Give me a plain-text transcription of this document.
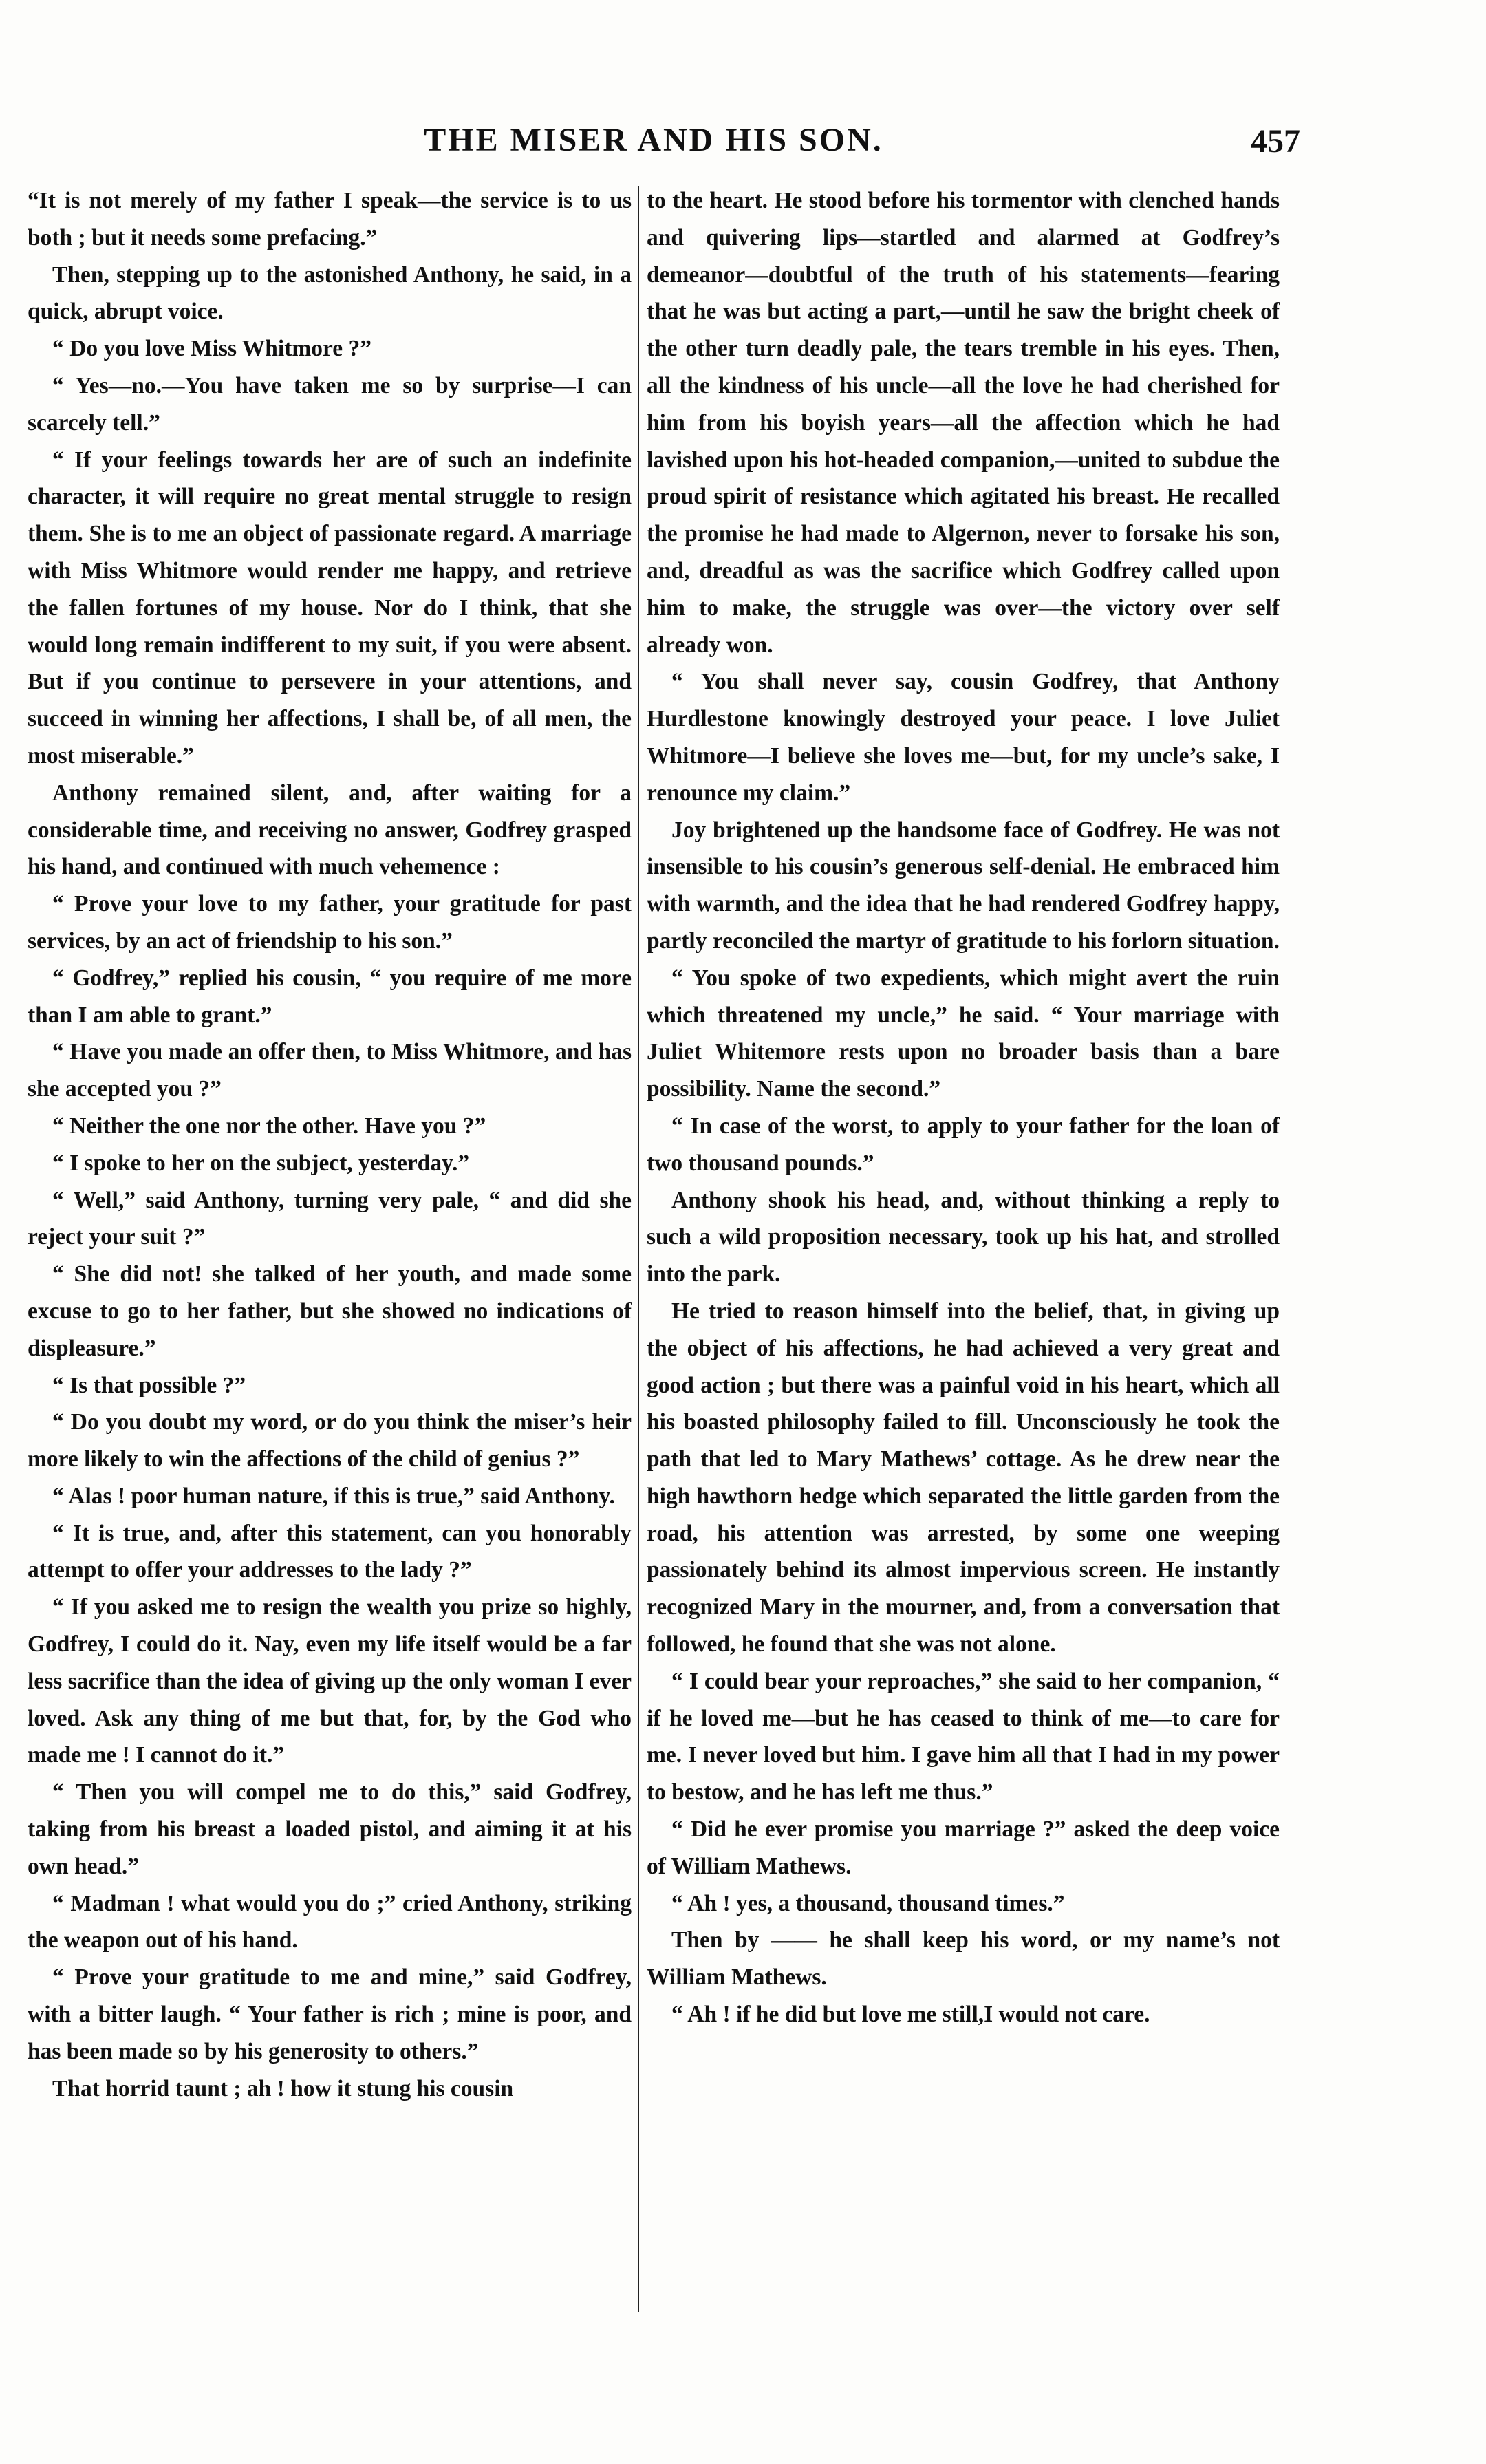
THE MISER AND HIS SON.	457

“It is not merely of my father I speak—the service is to us both ; but it needs some prefacing.”

Then, stepping up to the astonished Anthony, he said, in a quick, abrupt voice.

“ Do you love Miss Whitmore ?”

“ Yes—no.—You have taken me so by surprise—I can scarcely tell.”

“ If your feelings towards her are of such an indefinite character, it will require no great mental struggle to resign them. She is to me an object of passionate regard. A marriage with Miss Whitmore would render me happy, and retrieve the fallen fortunes of my house. Nor do I think, that she would long remain indifferent to my suit, if you were absent. But if you continue to persevere in your attentions, and succeed in winning her affections, I shall be, of all men, the most miserable.”

Anthony remained silent, and, after waiting for a considerable time, and receiving no answer, Godfrey grasped his hand, and continued with much vehemence :

“ Prove your love to my father, your gratitude for past services, by an act of friendship to his son.”

“ Godfrey,” replied his cousin, “ you require of me more than I am able to grant.”

“ Have you made an offer then, to Miss Whitmore, and has she accepted you ?”

“ Neither the one nor the other. Have you ?”

“ I spoke to her on the subject, yesterday.”

“ Well,” said Anthony, turning very pale, “ and did she reject your suit ?”

“ She did not! she talked of her youth, and made some excuse to go to her father, but she showed no indications of displeasure.”

“ Is that possible ?”

“ Do you doubt my word, or do you think the miser’s heir more likely to win the affections of the child of genius ?”

“ Alas ! poor human nature, if this is true,” said Anthony.

“ It is true, and, after this statement, can you honorably attempt to offer your addresses to the lady ?”

“ If you asked me to resign the wealth you prize so highly, Godfrey, I could do it. Nay, even my life itself would be a far less sacrifice than the idea of giving up the only woman I ever loved. Ask any thing of me but that, for, by the God who made me ! I cannot do it.”

“ Then you will compel me to do this,” said Godfrey, taking from his breast a loaded pistol, and aiming it at his own head.”

“ Madman ! what would you do ;” cried Anthony, striking the weapon out of his hand.

“ Prove your gratitude to me and mine,” said Godfrey, with a bitter laugh. “ Your father is rich ; mine is poor, and has been made so by his generosity to others.”

That horrid taunt ; ah ! how it stung his cousin

to the heart. He stood before his tormentor with clenched hands and quivering lips—startled and alarmed at Godfrey’s demeanor—doubtful of the truth of his statements—fearing that he was but acting a part,—until he saw the bright cheek of the other turn deadly pale, the tears tremble in his eyes. Then, all the kindness of his uncle—all the love he had cherished for him from his boyish years—all the affection which he had lavished upon his hot-headed companion,—united to subdue the proud spirit of resistance which agitated his breast. He recalled the promise he had made to Algernon, never to forsake his son, and, dreadful as was the sacrifice which Godfrey called upon him to make, the struggle was over—the victory over self already won.

“ You shall never say, cousin Godfrey, that Anthony Hurdlestone knowingly destroyed your peace. I love Juliet Whitmore—I believe she loves me—but, for my uncle’s sake, I renounce my claim.”

Joy brightened up the handsome face of Godfrey. He was not insensible to his cousin’s generous self-denial. He embraced him with warmth, and the idea that he had rendered Godfrey happy, partly reconciled the martyr of gratitude to his forlorn situation.

“ You spoke of two expedients, which might avert the ruin which threatened my uncle,” he said. “ Your marriage with Juliet Whitemore rests upon no broader basis than a bare possibility. Name the second.”

“ In case of the worst, to apply to your father for the loan of two thousand pounds.”

Anthony shook his head, and, without thinking a reply to such a wild proposition necessary, took up his hat, and strolled into the park.

He tried to reason himself into the belief, that, in giving up the object of his affections, he had achieved a very great and good action ; but there was a painful void in his heart, which all his boasted philosophy failed to fill. Unconsciously he took the path that led to Mary Mathews’ cottage. As he drew near the high hawthorn hedge which separated the little garden from the road, his attention was arrested, by some one weeping passionately behind its almost impervious screen. He instantly recognized Mary in the mourner, and, from a conversation that followed, he found that she was not alone.

“ I could bear your reproaches,” she said to her companion, “ if he loved me—but he has ceased to think of me—to care for me. I never loved but him. I gave him all that I had in my power to bestow, and he has left me thus.”

“ Did he ever promise you marriage ?” asked the deep voice of William Mathews.

“ Ah ! yes, a thousand, thousand times.”

Then by —— he shall keep his word, or my name’s not William Mathews.

“ Ah ! if he did but love me still,I would not care.
